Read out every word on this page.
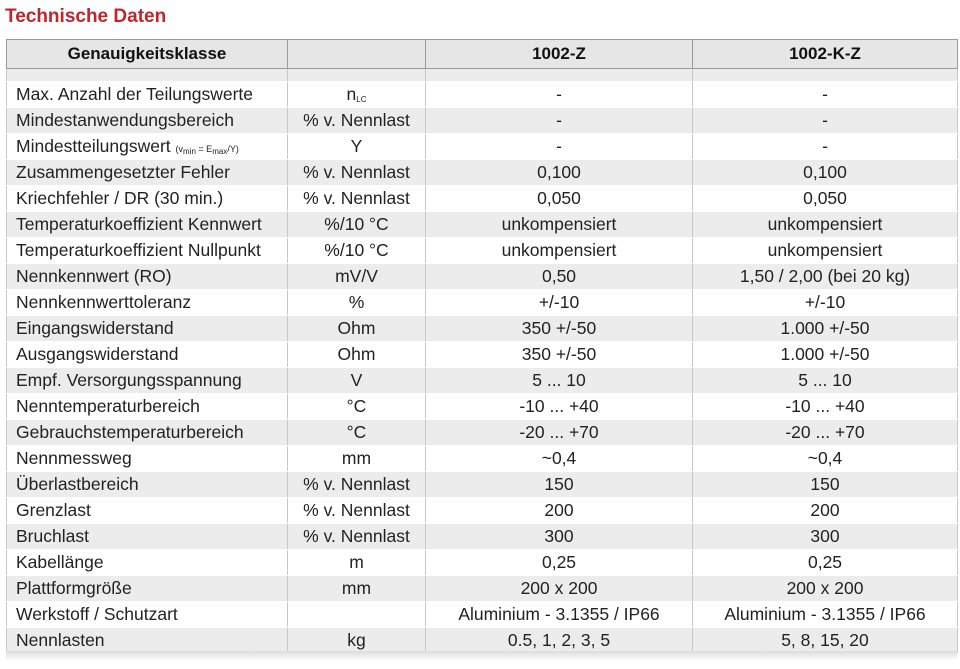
Technische Daten
Genauigkeitsklasse		1002-Z	1002-K-Z

Max. Anzahl der Teilungswerte	$n_{LC}$	-	-
Mindestanwendungsbereich	% v. Nennlast	-	-
Mindestteilungswert (vmin = Emax/Y)	Y	-	-
Zusammengesetzter Fehler	% v. Nennlast	0,100	0,100
Kriechfehler / DR (30 min.)	% v. Nennlast	0,050	0,050
Temperaturkoeffizient Kennwert	%/10 °C	unkompensiert	unkompensiert
Temperaturkoeffizient Nullpunkt	%/10 °C	unkompensiert	unkompensiert
Nennkennwert (RO)	mV/V	0,50	1,50 / 2,00 (bei 20 kg)
Nennkennwerttoleranz	%	+/-10	+/-10
Eingangswiderstand	Ohm	350 +/-50	1.000 +/-50
Ausgangswiderstand	Ohm	350 +/-50	1.000 +/-50
Empf. Versorgungsspannung	V	5 ... 10	5 ... 10
Nenntemperaturbereich	°C	-10 ... +40	-10 ... +40
Gebrauchstemperaturbereich	°C	-20 ... +70	-20 ... +70
Nennmessweg	mm	~0,4	~0,4
Überlastbereich	% v. Nennlast	150	150
Grenzlast	% v. Nennlast	200	200
Bruchlast	% v. Nennlast	300	300
Kabellänge	m	0,25	0,25
Plattformgröße	mm	200 x 200	200 x 200
Werkstoff / Schutzart		Aluminium - 3.1355 / IP66	Aluminium - 3.1355 / IP66
Nennlasten	kg	0.5, 1, 2, 3, 5	5, 8, 15, 20
